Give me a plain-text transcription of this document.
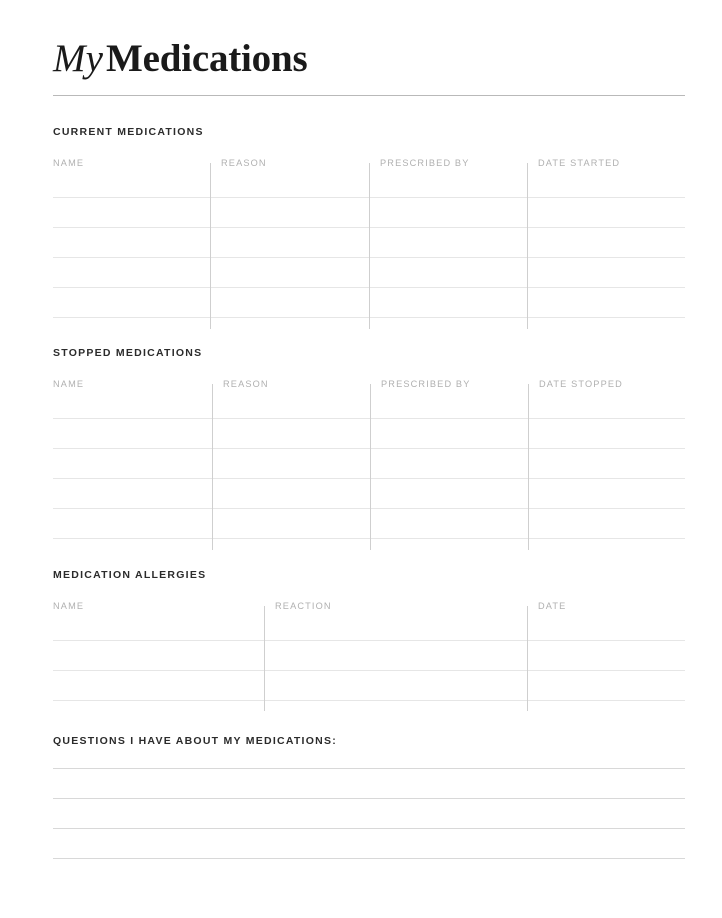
MyMedications
CURRENT MEDICATIONS
NAME	REASON	PRESCRIBED BY	DATE STARTED
STOPPED MEDICATIONS
NAME	REASON	PRESCRIBED BY	DATE STOPPED
MEDICATION ALLERGIES
NAME	REACTION	DATE
QUESTIONS I HAVE ABOUT MY MEDICATIONS:
